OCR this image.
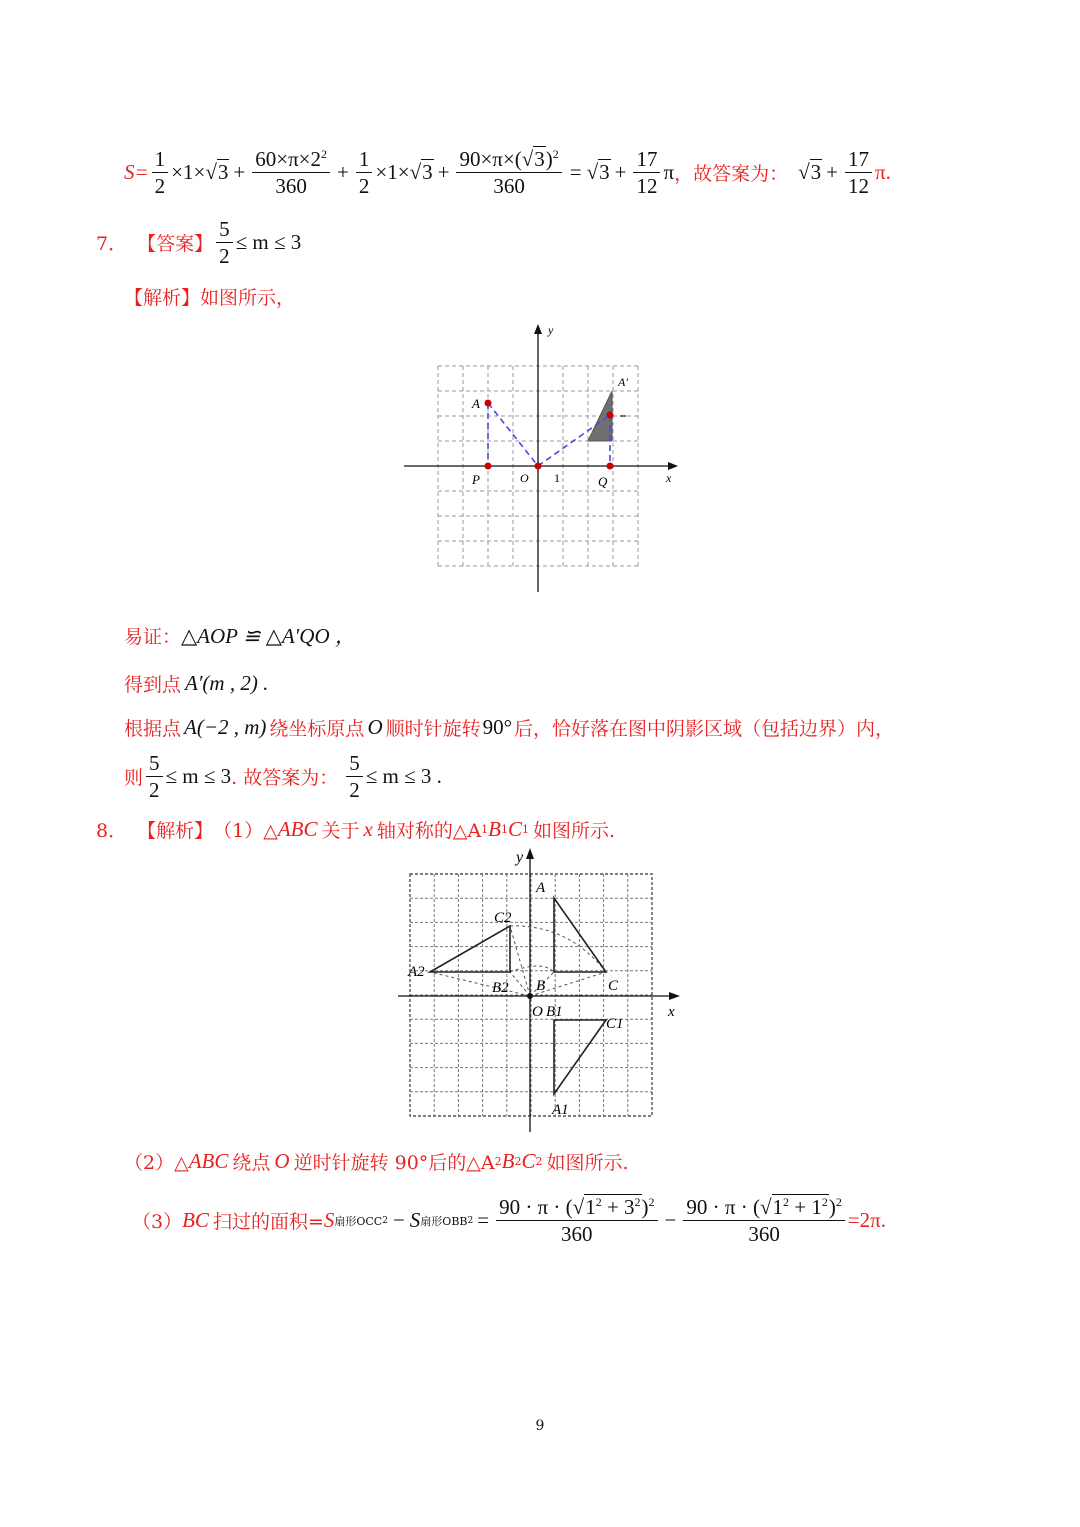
$S= \frac{1}{2} \times 1\times √3 + \frac{60\times\pi\times 2^2}{360} + \frac{1}{2} \times 1\times √3 + \frac{90\times\pi\times(√3)^2}{360} = √3 + \frac{17}{12}$ π ，故答案为： $√3 + \frac{17}{12} \pi$.
7． 【答案】 $\frac{5}{2} \le m \le 3$
【解析】 如图所示，
y
x
A
A′
P	O 1	Q
易证： △AOP ≌ △A′QO ，
得到点 A′(m , 2) .
根据点 A(−2 , m) 绕坐标原点 O 顺时针旋转 90° 后，恰好落在图中阴影区域（包括边界）内，
则 $\frac{5}{2} \le m \le 3$ . 故答案为： $\frac{5}{2} \le m \le 3$ .
8． 【解析】 （1）△ ABC 关于 x 轴对称的△A 1 B 1 C 1 如图所示.
y
x
A
C
B
C2
A2
B2
O B1
C1
A1
（2）△ ABC 绕点 O 逆时针旋转 90°后的△A 2 B 2 C 2 如图所示.
（3） BC 扫过的面积= S 扇形OCC 2 − S 扇形OBB $2 = \frac{90 \cdot \pi \cdot (√1^2 + 3^2)^2}{360} - \frac{90 \cdot \pi \cdot (√1^2 + 1^2)^2}{360} =2\pi$.
9
